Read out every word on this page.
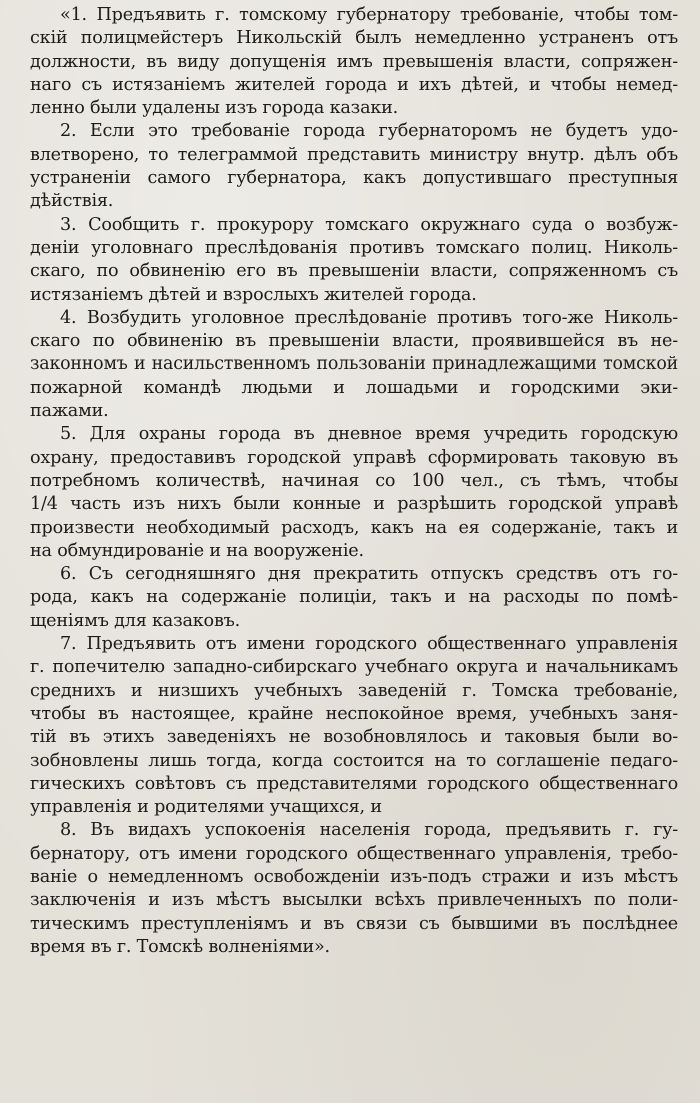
«1. Предъявить г. томскому губернатору требованіе, чтобы том-
скій полицмейстеръ Никольскій былъ немедленно устраненъ отъ
должности, въ виду допущенія имъ превышенія власти, сопряжен-
наго съ истязаніемъ жителей города и ихъ дѣтей, и чтобы немед-
ленно были удалены изъ города казаки.
2. Если это требованіе города губернаторомъ не будетъ удо-
влетворено, то телеграммой представить министру внутр. дѣлъ объ
устраненіи самого губернатора, какъ допустившаго преступныя
дѣйствія.
3. Сообщить г. прокурору томскаго окружнаго суда о возбуж-
деніи уголовнаго преслѣдованія противъ томскаго полиц. Николь-
скаго, по обвиненію его въ превышеніи власти, сопряженномъ съ
истязаніемъ дѣтей и взрослыхъ жителей города.
4. Возбудить уголовное преслѣдованіе противъ того-же Николь-
скаго по обвиненію въ превышеніи власти, проявившейся въ не-
законномъ и насильственномъ пользованіи принадлежащими томской
пожарной командѣ людьми и лошадьми и городскими эки-
пажами.
5. Для охраны города въ дневное время учредить городскую
охрану, предоставивъ городской управѣ сформировать таковую въ
потребномъ количествѣ, начиная со 100 чел., съ тѣмъ, чтобы
1/4 часть изъ нихъ были конные и разрѣшить городской управѣ
произвести необходимый расходъ, какъ на ея содержаніе, такъ и
на обмундированіе и на вооруженіе.
6. Съ сегодняшняго дня прекратить отпускъ средствъ отъ го-
рода, какъ на содержаніе полиціи, такъ и на расходы по помѣ-
щеніямъ для казаковъ.
7. Предъявить отъ имени городского общественнаго управленія
г. попечителю западно-сибирскаго учебнаго округа и начальникамъ
среднихъ и низшихъ учебныхъ заведеній г. Томска требованіе,
чтобы въ настоящее, крайне неспокойное время, учебныхъ заня-
тій въ этихъ заведеніяхъ не возобновлялось и таковыя были во-
зобновлены лишь тогда, когда состоится на то соглашеніе педаго-
гическихъ совѣтовъ съ представителями городского общественнаго
управленія и родителями учащихся, и
8. Въ видахъ успокоенія населенія города, предъявить г. гу-
бернатору, отъ имени городского общественнаго управленія, требо-
ваніе о немедленномъ освобожденіи изъ-подъ стражи и изъ мѣстъ
заключенія и изъ мѣстъ высылки всѣхъ привлеченныхъ по поли-
тическимъ преступленіямъ и въ связи съ бывшими въ послѣднее
время въ г. Томскѣ волненіями».
